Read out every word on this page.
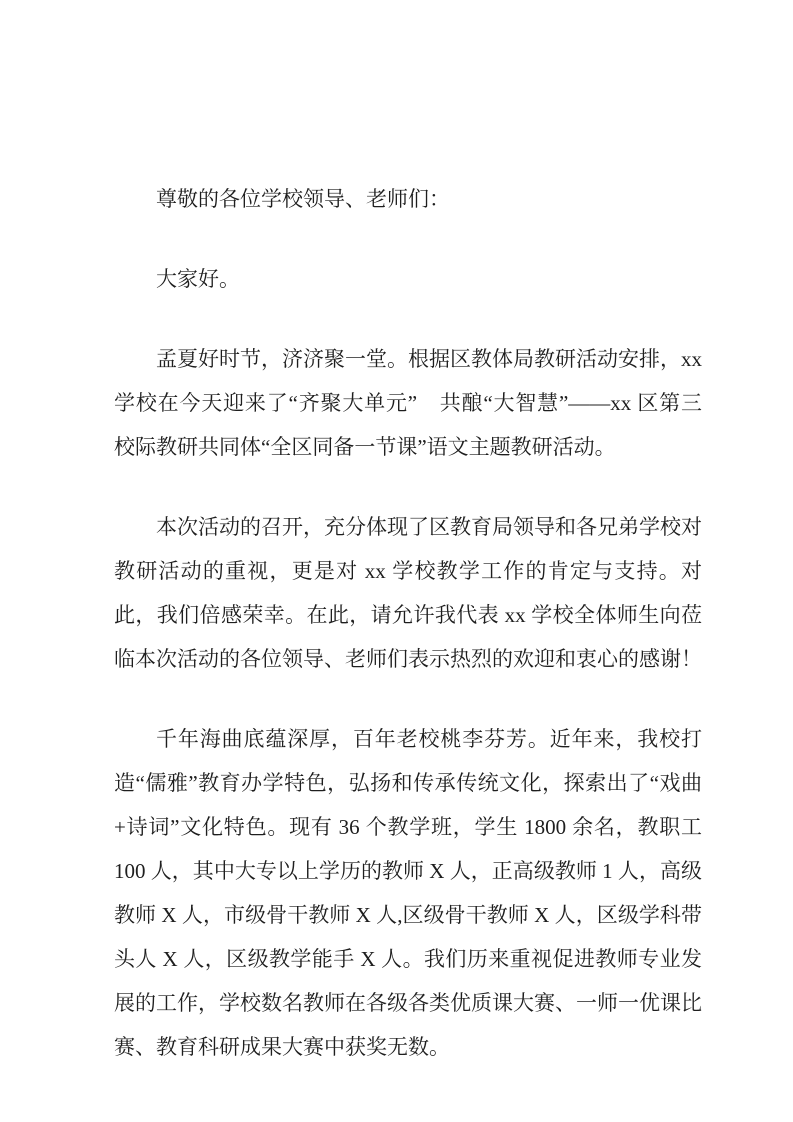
尊敬的各位学校领导、老师们：

大家好。

孟夏好时节，济济聚一堂。根据区教体局教研活动安排，xx 学校在今天迎来了“齐聚大单元”　共酿“大智慧”——xx 区第三校际教研共同体“全区同备一节课”语文主题教研活动。

本次活动的召开，充分体现了区教育局领导和各兄弟学校对教研活动的重视，更是对 xx 学校教学工作的肯定与支持。对此，我们倍感荣幸。在此，请允许我代表 xx 学校全体师生向莅临本次活动的各位领导、老师们表示热烈的欢迎和衷心的感谢！

千年海曲底蕴深厚，百年老校桃李芬芳。近年来，我校打造“儒雅”教育办学特色，弘扬和传承传统文化，探索出了“戏曲+诗词”文化特色。现有 36 个教学班，学生 1800 余名，教职工 100 人，其中大专以上学历的教师 X 人，正高级教师 1 人，高级教师 X 人，市级骨干教师 X 人,区级骨干教师 X 人，区级学科带头人 X 人，区级教学能手 X 人。我们历来重视促进教师专业发展的工作，学校数名教师在各级各类优质课大赛、一师一优课比赛、教育科研成果大赛中获奖无数。
